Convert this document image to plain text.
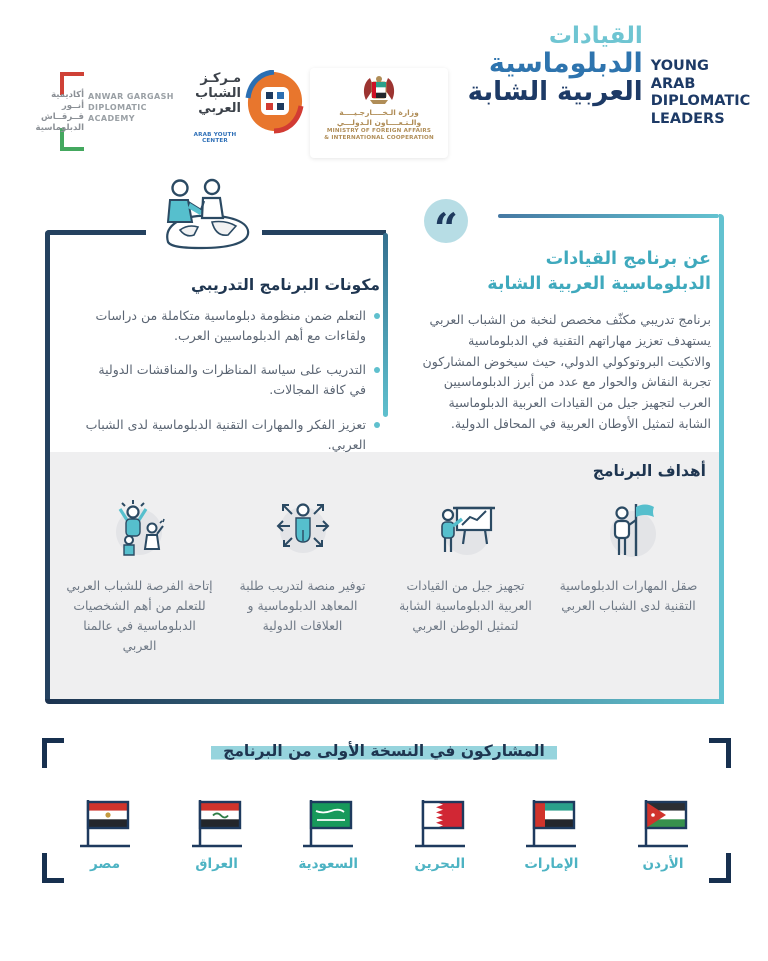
أكاديمية
أنــور قــرقــاش
الدبلوماسية
ANWAR GARGASH
DIPLOMATIC
ACADEMY
مـركـز
الشباب
العربي
ARAB YOUTH CENTER
وزارة الـخــــارجـيــــة
والـتـعــــاون الـدولـــي
MINISTRY OF FOREIGN AFFAIRS
& INTERNATIONAL COOPERATION
القيادات
الدبلوماسية
العربية الشابة
YOUNG ARAB
DIPLOMATIC
LEADERS
“
عن برنامج القيادات
الدبلوماسية العربية الشابة
برنامج تدريبي مكثّف مخصص لنخبة من الشباب العربي يستهدف تعزيز مهاراتهم التقنية في الدبلوماسية والاتكيت البروتوكولي الدولي، حيث سيخوض المشاركون تجربة النقاش والحوار مع عدد من أبرز الدبلوماسيين العرب لتجهيز جيل من القيادات العربية الدبلوماسية الشابة لتمثيل الأوطان العربية في المحافل الدولية.
مكونات البرنامج التدريبي
التعلم ضمن منظومة دبلوماسية متكاملة من دراسات ولقاءات مع أهم الدبلوماسيين العرب.
التدريب على سياسة المناظرات والمناقشات الدولية في كافة المجالات.
تعزيز الفكر والمهارات التقنية الدبلوماسية لدى الشباب العربي.
أهداف البرنامج
صقل المهارات الدبلوماسية التقنية لدى الشباب العربي
تجهيز جيل من القيادات العربية الدبلوماسية الشابة لتمثيل الوطن العربي
توفير منصة لتدريب طلبة المعاهد الدبلوماسية و العلاقات الدولية
إتاحة الفرصة للشباب العربي للتعلم من أهم الشخصيات الدبلوماسية في عالمنا العربي
المشاركون في النسخة الأولى من البرنامج
الأردن
الإمارات
البحرين
السعودية
العراق
مصر
